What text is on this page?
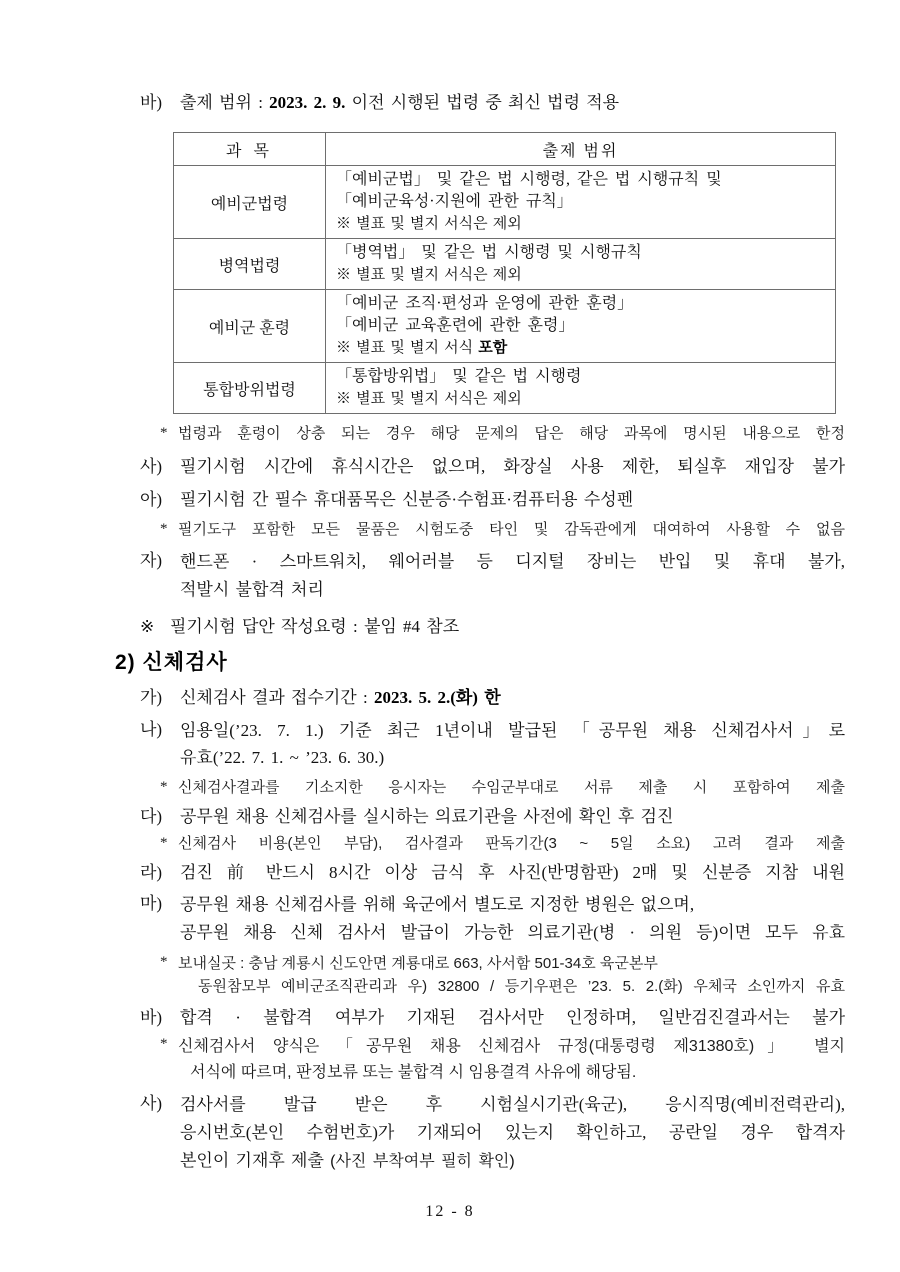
바)	출제 범위 : 2023. 2. 9. 이전 시행된 법령 중 최신 법령 적용
과 목	출제 범위
예비군법령	「예비군법」 및 같은 법 시행령, 같은 법 시행규칙 및
「예비군육성·지원에 관한 규칙」
※ 별표 및 별지 서식은 제외

병역법령	「병역법」 및 같은 법 시행령 및 시행규칙
※ 별표 및 별지 서식은 제외

예비군 훈령	「예비군 조직·편성과 운영에 관한 훈령」
「예비군 교육훈련에 관한 훈령」
※ 별표 및 별지 서식 포함

통합방위법령	「통합방위법」 및 같은 법 시행령
※ 별표 및 별지 서식은 제외
* 법령과 훈령이 상충 되는 경우 해당 문제의 답은 해당 과목에 명시된 내용으로 한정
사)	필기시험 시간에 휴식시간은 없으며, 화장실 사용 제한, 퇴실후 재입장 불가
아)	필기시험 간 필수 휴대품목은 신분증·수험표·컴퓨터용 수성펜
* 필기도구 포함한 모든 물품은 시험도중 타인 및 감독관에게 대여하여 사용할 수 없음
자)	핸드폰 · 스마트워치, 웨어러블 등 디지털 장비는 반입 및 휴대 불가,
적발시 불합격 처리
※ 필기시험 답안 작성요령 : 붙임 #4 참조
2) 신체검사
가)	신체검사 결과 접수기간 : 2023. 5. 2.(화) 한
나)	임용일(’23. 7. 1.) 기준 최근 1년이내 발급된 「공무원 채용 신체검사서」로
유효(’22. 7. 1. ~ ’23. 6. 30.)
* 신체검사결과를 기소지한 응시자는 수임군부대로 서류 제출 시 포함하여 제출
다)	공무원 채용 신체검사를 실시하는 의료기관을 사전에 확인 후 검진
* 신체검사 비용(본인 부담), 검사결과 판독기간(3 ~ 5일 소요) 고려 결과 제출
라)	검진 前 반드시 8시간 이상 금식 후 사진(반명함판) 2매 및 신분증 지참 내원
마)	공무원 채용 신체검사를 위해 육군에서 별도로 지정한 병원은 없으며,
공무원 채용 신체 검사서 발급이 가능한 의료기관(병 · 의원 등)이면 모두 유효
* 보내실곳 : 충남 계룡시 신도안면 계룡대로 663, 사서함 501-34호 육군본부
동원참모부 예비군조직관리과 우) 32800 / 등기우편은 ’23. 5. 2.(화) 우체국 소인까지 유효
바)	합격 · 불합격 여부가 기재된 검사서만 인정하며, 일반검진결과서는 불가
* 신체검사서 양식은 「공무원 채용 신체검사 규정(대통령령 제31380호)」 별지
서식에 따르며, 판정보류 또는 불합격 시 임용결격 사유에 해당됨.
사)	검사서를 발급 받은 후 시험실시기관(육군), 응시직명(예비전력관리),
응시번호(본인 수험번호)가 기재되어 있는지 확인하고, 공란일 경우 합격자
본인이 기재후 제출 (사진 부착여부 필히 확인)
12 - 8
